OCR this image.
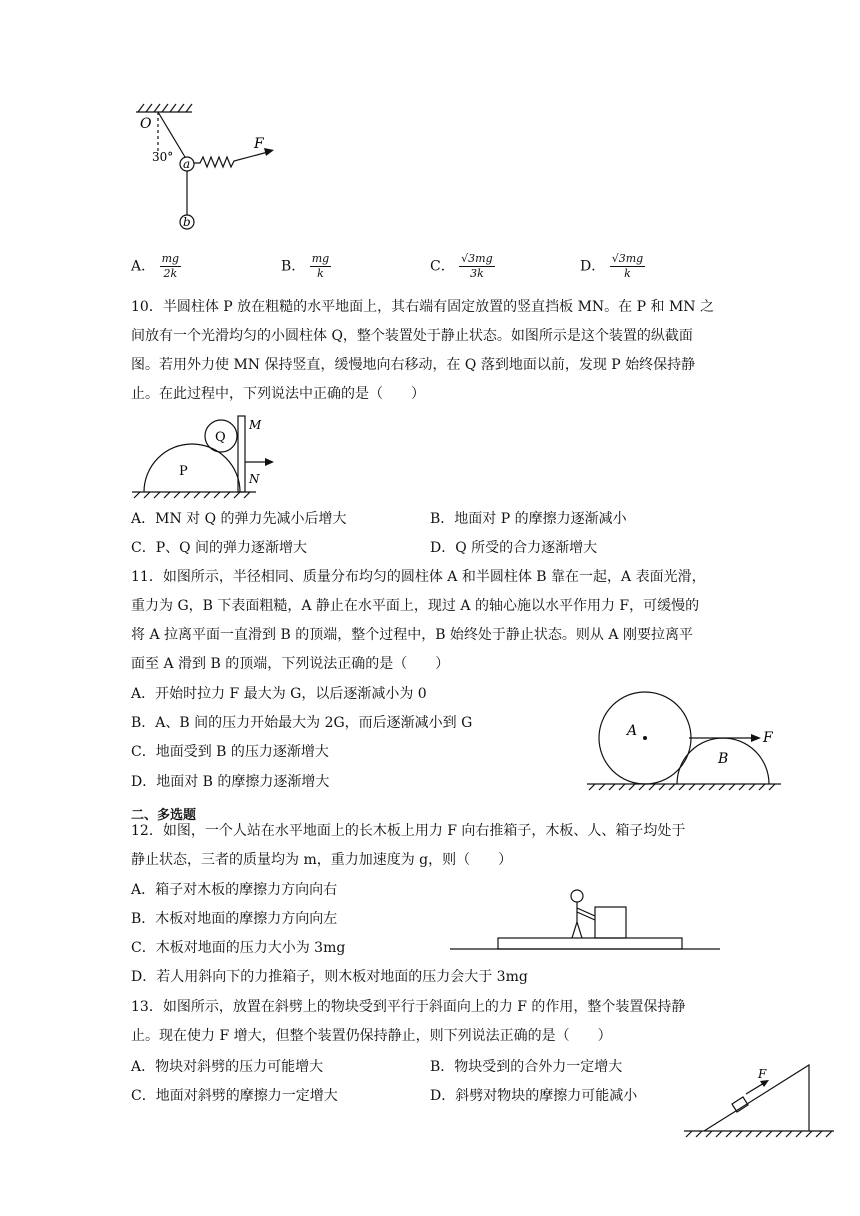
O
30° a
b
F
A． $\frac{mg}{2k}$	B． $\frac{mg}{k}$	C． $\frac{√3mg}{3k}$	D． $\frac{√3mg}{k}$
10．半圆柱体 P 放在粗糙的水平地面上，其右端有固定放置的竖直挡板 MN。在 P 和 MN 之
间放有一个光滑均匀的小圆柱体 Q，整个装置处于静止状态。如图所示是这个装置的纵截面
图。若用外力使 MN 保持竖直，缓慢地向右移动，在 Q 落到地面以前，发现 P 始终保持静
止。在此过程中，下列说法中正确的是（　　）
Q
P
M
N
A．MN 对 Q 的弹力先减小后增大	B．地面对 P 的摩擦力逐渐减小
C．P、Q 间的弹力逐渐增大	D．Q 所受的合力逐渐增大
11．如图所示，半径相同、质量分布均匀的圆柱体 A 和半圆柱体 B 靠在一起，A 表面光滑，
重力为 G，B 下表面粗糙，A 静止在水平面上，现过 A 的轴心施以水平作用力 F，可缓慢的
将 A 拉离平面一直滑到 B 的顶端，整个过程中，B 始终处于静止状态。则从 A 刚要拉离平
面至 A 滑到 B 的顶端，下列说法正确的是（　　）
A．开始时拉力 F 最大为 G，以后逐渐减小为 0
B．A、B 间的压力开始最大为 2G，而后逐渐减小到 G
C．地面受到 B 的压力逐渐增大
D．地面对 B 的摩擦力逐渐增大
A
B
F
二、多选题
12．如图，一个人站在水平地面上的长木板上用力 F 向右推箱子，木板、人、箱子均处于
静止状态，三者的质量均为 m，重力加速度为 g，则（　　）
A．箱子对木板的摩擦力方向向右
B．木板对地面的摩擦力方向向左
C．木板对地面的压力大小为 3mg
D．若人用斜向下的力推箱子，则木板对地面的压力会大于 3mg
13．如图所示，放置在斜劈上的物块受到平行于斜面向上的力 F 的作用，整个装置保持静
止。现在使力 F 增大，但整个装置仍保持静止，则下列说法正确的是（　　）
A．物块对斜劈的压力可能增大	B．物块受到的合外力一定增大
C．地面对斜劈的摩擦力一定增大	D．斜劈对物块的摩擦力可能减小
F
